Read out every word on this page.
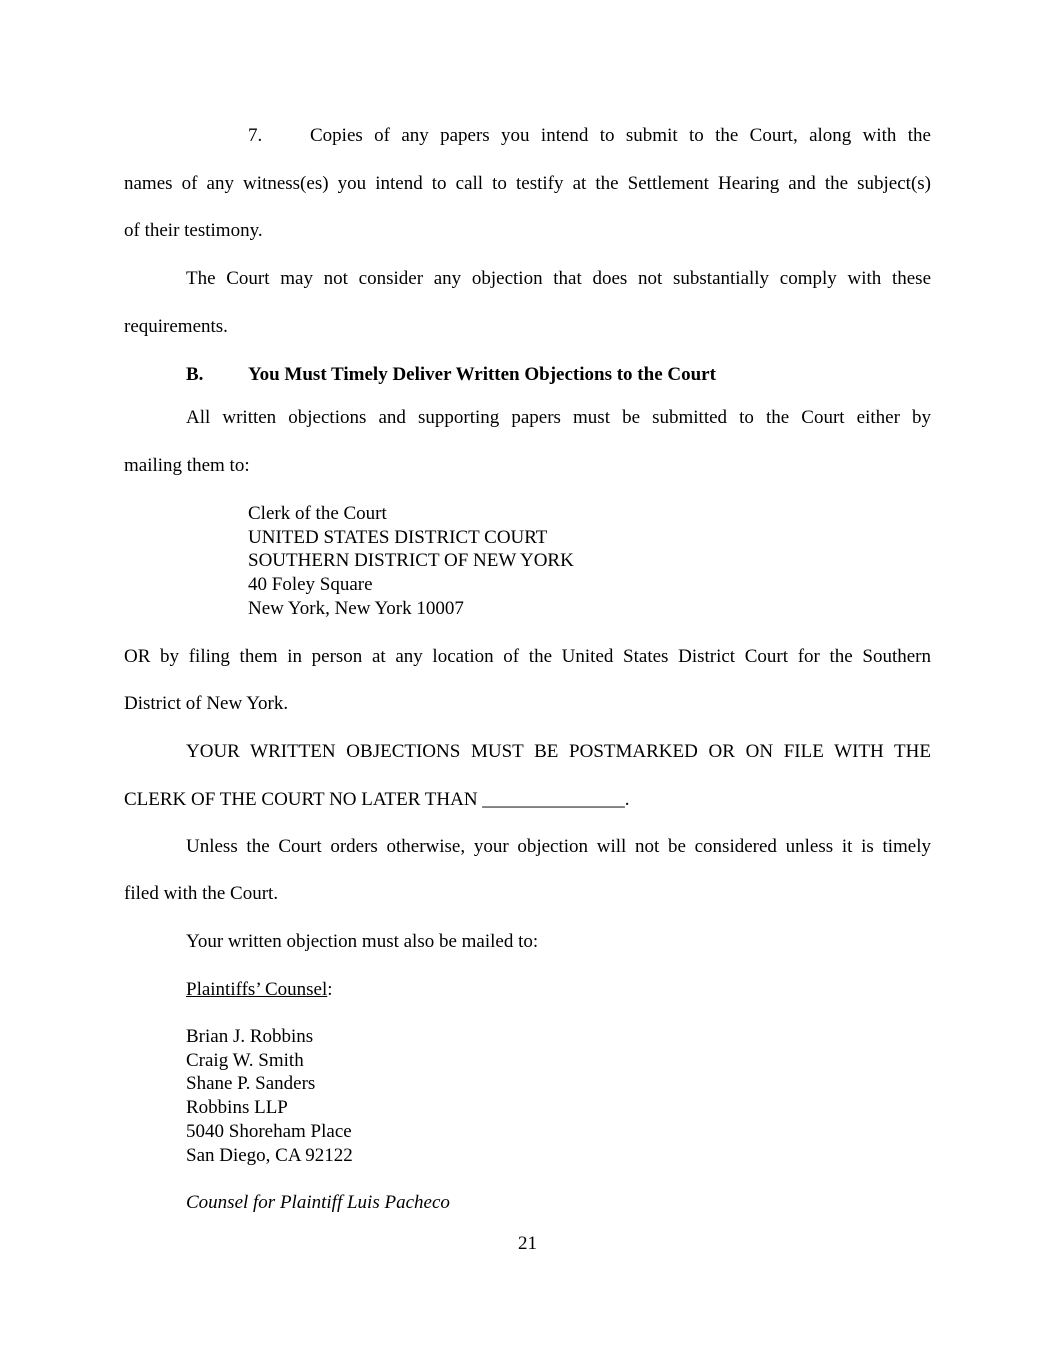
7.	Copies of any papers you intend to submit to the Court, along with the
names of any witness(es) you intend to call to testify at the Settlement Hearing and the subject(s)
of their testimony.
The Court may not consider any objection that does not substantially comply with these
requirements.
B. You Must Timely Deliver Written Objections to the Court
All written objections and supporting papers must be submitted to the Court either by
mailing them to:
Clerk of the Court
UNITED STATES DISTRICT COURT
SOUTHERN DISTRICT OF NEW YORK
40 Foley Square
New York, New York 10007
OR by filing them in person at any location of the United States District Court for the Southern
District of New York.
YOUR WRITTEN OBJECTIONS MUST BE POSTMARKED OR ON FILE WITH THE
CLERK OF THE COURT NO LATER THAN _______________.
Unless the Court orders otherwise, your objection will not be considered unless it is timely
filed with the Court.
Your written objection must also be mailed to:
Plaintiffs’ Counsel:
Brian J. Robbins
Craig W. Smith
Shane P. Sanders
Robbins LLP
5040 Shoreham Place
San Diego, CA 92122
Counsel for Plaintiff Luis Pacheco
21
